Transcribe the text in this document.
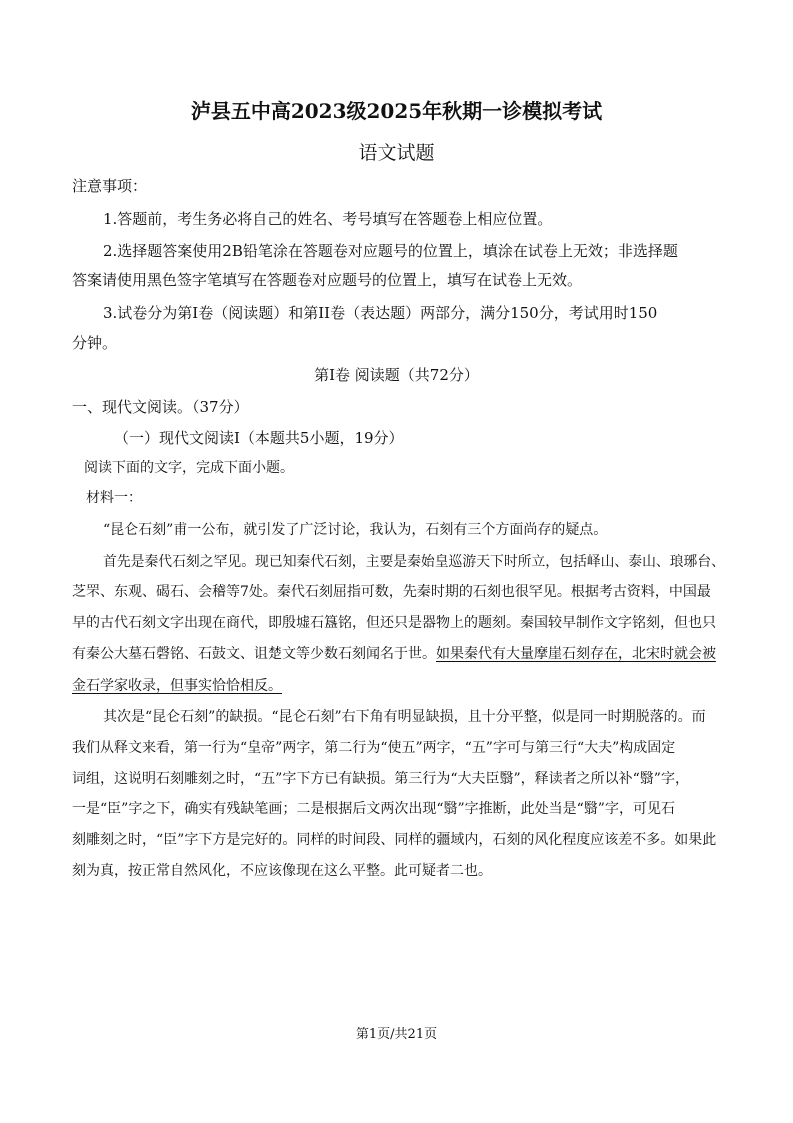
泸县五中高2023级2025年秋期一诊模拟考试
语文试题
注意事项：
1.答题前，考生务必将自己的姓名、考号填写在答题卷上相应位置。
2.选择题答案使用2B铅笔涂在答题卷对应题号的位置上，填涂在试卷上无效；非选择题
答案请使用黑色签字笔填写在答题卷对应题号的位置上，填写在试卷上无效。
3.试卷分为第I卷（阅读题）和第II卷（表达题）两部分，满分150分，考试用时150
分钟。
第I卷 阅读题（共72分）
一、现代文阅读。（37分）
（一）现代文阅读I（本题共5小题，19分）
阅读下面的文字，完成下面小题。
材料一：
“昆仑石刻”甫一公布，就引发了广泛讨论，我认为，石刻有三个方面尚存的疑点。
首先是秦代石刻之罕见。现已知秦代石刻，主要是秦始皇巡游天下时所立，包括峄山、泰山、琅琊台、
芝罘、东观、碣石、会稽等7处。秦代石刻屈指可数，先秦时期的石刻也很罕见。根据考古资料，中国最
早的古代石刻文字出现在商代，即殷墟石簋铭，但还只是器物上的题刻。秦国较早制作文字铭刻，但也只
有秦公大墓石磬铭、石鼓文、诅楚文等少数石刻闻名于世。如果秦代有大量摩崖石刻存在，北宋时就会被
金石学家收录，但事实恰恰相反。
其次是“昆仑石刻”的缺损。“昆仑石刻”右下角有明显缺损，且十分平整，似是同一时期脱落的。而
我们从释文来看，第一行为“皇帝”两字，第二行为“使五”两字，“五”字可与第三行“大夫”构成固定
词组，这说明石刻雕刻之时，“五”字下方已有缺损。第三行为“大夫臣翳”，释读者之所以补“翳”字，
一是“臣”字之下，确实有残缺笔画；二是根据后文两次出现“翳”字推断，此处当是“翳”字，可见石
刻雕刻之时，“臣”字下方是完好的。同样的时间段、同样的疆域内，石刻的风化程度应该差不多。如果此
刻为真，按正常自然风化，不应该像现在这么平整。此可疑者二也。
第1页/共21页
